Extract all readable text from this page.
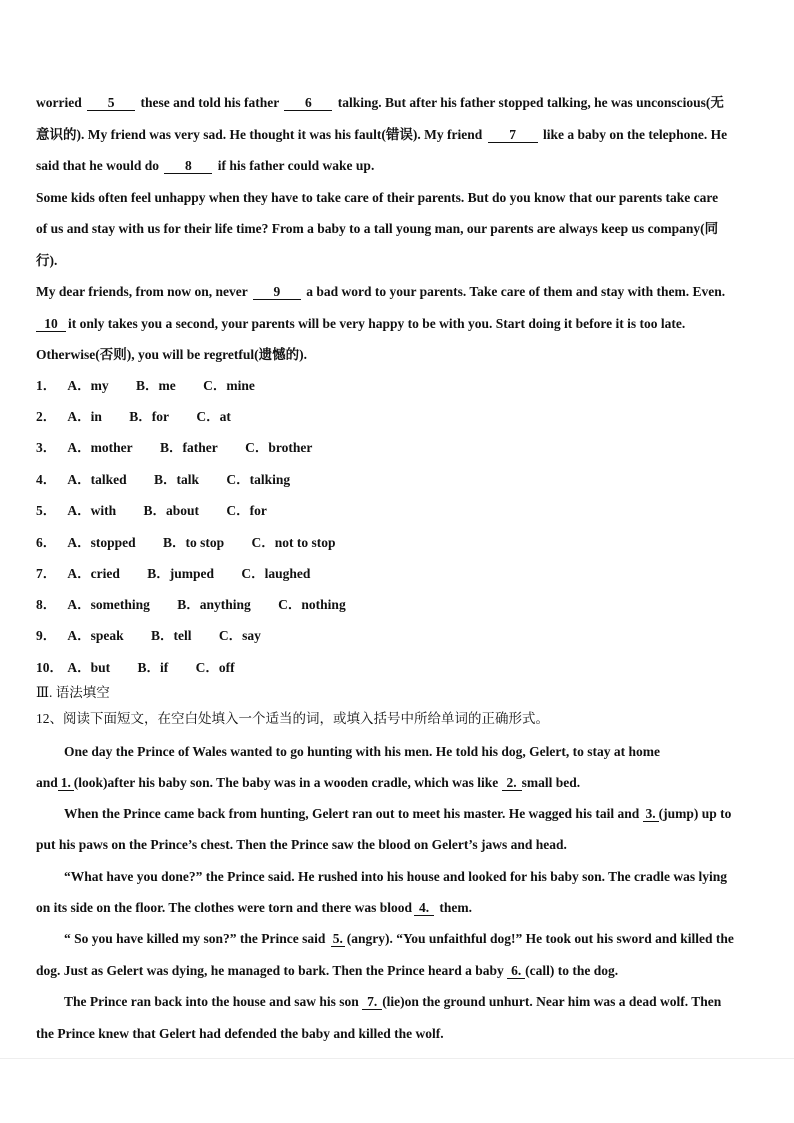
worried 5 these and told his father 6 talking. But after his father stopped talking, he was unconscious(无
意识的). My friend was very sad. He thought it was his fault(错误). My friend 7 like a baby on the telephone. He
said that he would do 8 if his father could wake up.
Some kids often feel unhappy when they have to take care of their parents. But do you know that our parents take care
of us and stay with us for their life time? From a baby to a tall young man, our parents are always keep us company(同
行).
My dear friends, from now on, never 9 a bad word to your parents. Take care of them and stay with them. Even.
10 it only takes you a second, your parents will be very happy to be with you. Start doing it before it is too late.
Otherwise(否则), you will be regretful(遗憾的).
1． A．my B．me C．mine
2． A．in B．for C．at
3． A．mother B．father C．brother
4． A．talked B．talk C．talking
5． A．with B．about C．for
6． A．stopped B．to stop C．not to stop
7． A．cried B．jumped C．laughed
8． A．something B．anything C．nothing
9． A．speak B．tell C．say
10． A．but B．if C．off
Ⅲ. 语法填空
12、阅读下面短文，在空白处填入一个适当的词，或填入括号中所给单词的正确形式。
One day the Prince of Wales wanted to go hunting with his men. He told his dog, Gelert, to stay at home
and 1. (look)after his baby son. The baby was in a wooden cradle, which was like 2. small bed.
When the Prince came back from hunting, Gelert ran out to meet his master. He wagged his tail and 3. (jump) up to
put his paws on the Prince’s chest. Then the Prince saw the blood on Gelert’s jaws and head.
“What have you done?” the Prince said. He rushed into his house and looked for his baby son. The cradle was lying
on its side on the floor. The clothes were torn and there was blood 4. them.
“ So you have killed my son?” the Prince said 5. (angry). “You unfaithful dog!” He took out his sword and killed the
dog. Just as Gelert was dying, he managed to bark. Then the Prince heard a baby 6. (call) to the dog.
The Prince ran back into the house and saw his son 7. (lie)on the ground unhurt. Near him was a dead wolf. Then
the Prince knew that Gelert had defended the baby and killed the wolf.
